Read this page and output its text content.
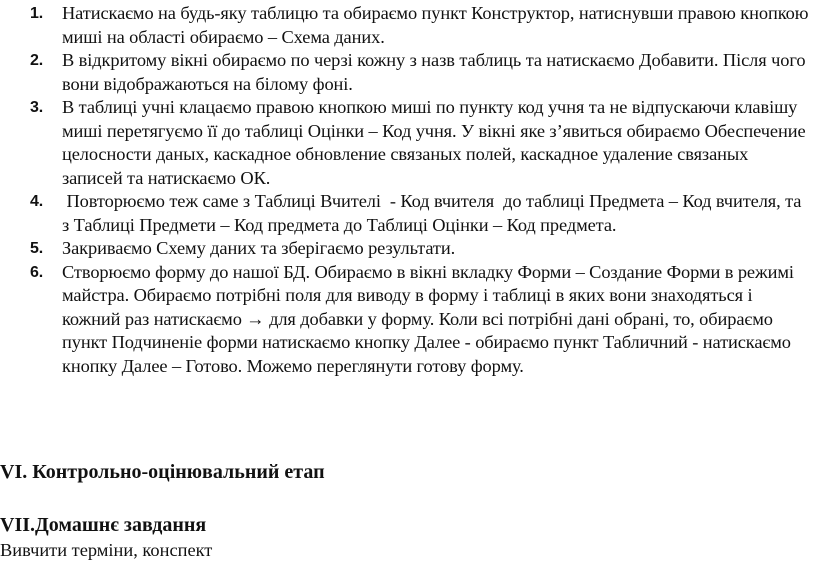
1. Натискаємо на будь-яку таблицю та обираємо пункт Конструктор, натиснувши правою кнопкою миші на області обираємо – Схема даних.
2. В відкритому вікні обираємо по черзі кожну з назв таблиць та натискаємо Добавити. Після чого вони відображаються на білому фоні.
3. В таблиці учні клацаємо правою кнопкою миші по пункту код учня та не відпускаючи клавішу миші перетягуємо її до таблиці Оцінки – Код учня. У вікні яке з’явиться обираємо Обеспечение целосности даных, каскадное обновление связаных полей, каскадное удаление связаных записей та натискаємо ОК.
4. Повторюємо теж саме з Таблиці Вчителі  - Код вчителя  до таблиці Предмета – Код вчителя, та з Таблиці Предмети – Код предмета до Таблиці Оцінки – Код предмета.
5. Закриваємо Схему даних та зберігаємо результати.
6. Створюємо форму до нашої БД. Обираємо в вікні вкладку Форми – Создание Форми в режимі майстра. Обираємо потрібні поля для виводу в форму і таблиці в яких вони знаходяться і кожний раз натискаємо → для добавки у форму. Коли всі потрібні дані обрані, то, обираємо пункт Подчиненіе форми натискаємо кнопку Далее - обираємо пункт Табличний - натискаємо кнопку Далее – Готово. Можемо переглянути готову форму.
VI. Контрольно-оцінювальний етап
VII.Домашнє завдання
Вивчити терміни, конспект
